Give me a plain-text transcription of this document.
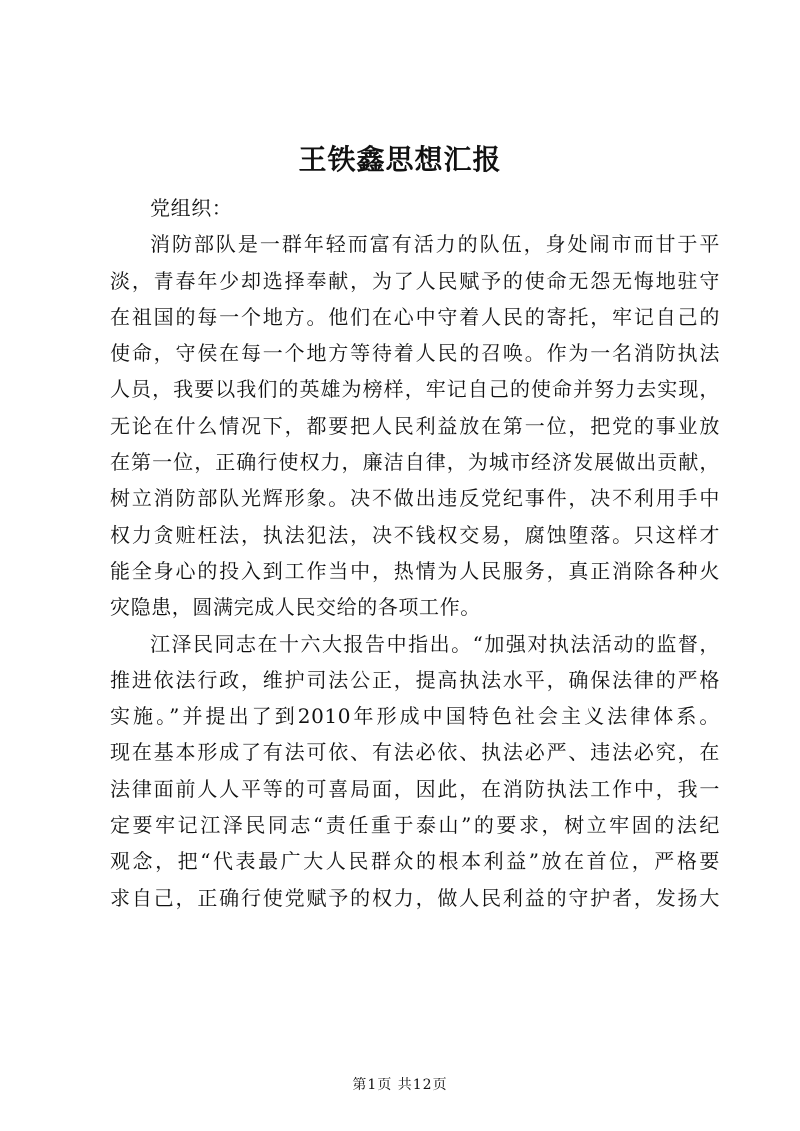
王铁鑫思想汇报
党组织：
消防部队是一群年轻而富有活力的队伍，身处闹市而甘于平
淡，青春年少却选择奉献，为了人民赋予的使命无怨无悔地驻守
在祖国的每一个地方。他们在心中守着人民的寄托，牢记自己的
使命，守侯在每一个地方等待着人民的召唤。作为一名消防执法
人员，我要以我们的英雄为榜样，牢记自己的使命并努力去实现，
无论在什么情况下，都要把人民利益放在第一位，把党的事业放
在第一位，正确行使权力，廉洁自律，为城市经济发展做出贡献，
树立消防部队光辉形象。决不做出违反党纪事件，决不利用手中
权力贪赃枉法，执法犯法，决不钱权交易，腐蚀堕落。只这样才
能全身心的投入到工作当中，热情为人民服务，真正消除各种火
灾隐患，圆满完成人民交给的各项工作。
江泽民同志在十六大报告中指出。“加强对执法活动的监督，
推进依法行政，维护司法公正，提高执法水平，确保法律的严格
实施。”并提出了到2010年形成中国特色社会主义法律体系。
现在基本形成了有法可依、有法必依、执法必严、违法必究，在
法律面前人人平等的可喜局面，因此，在消防执法工作中，我一
定要牢记江泽民同志“责任重于泰山”的要求，树立牢固的法纪
观念，把“代表最广大人民群众的根本利益”放在首位，严格要
求自己，正确行使党赋予的权力，做人民利益的守护者，发扬大

第1页 共12页
